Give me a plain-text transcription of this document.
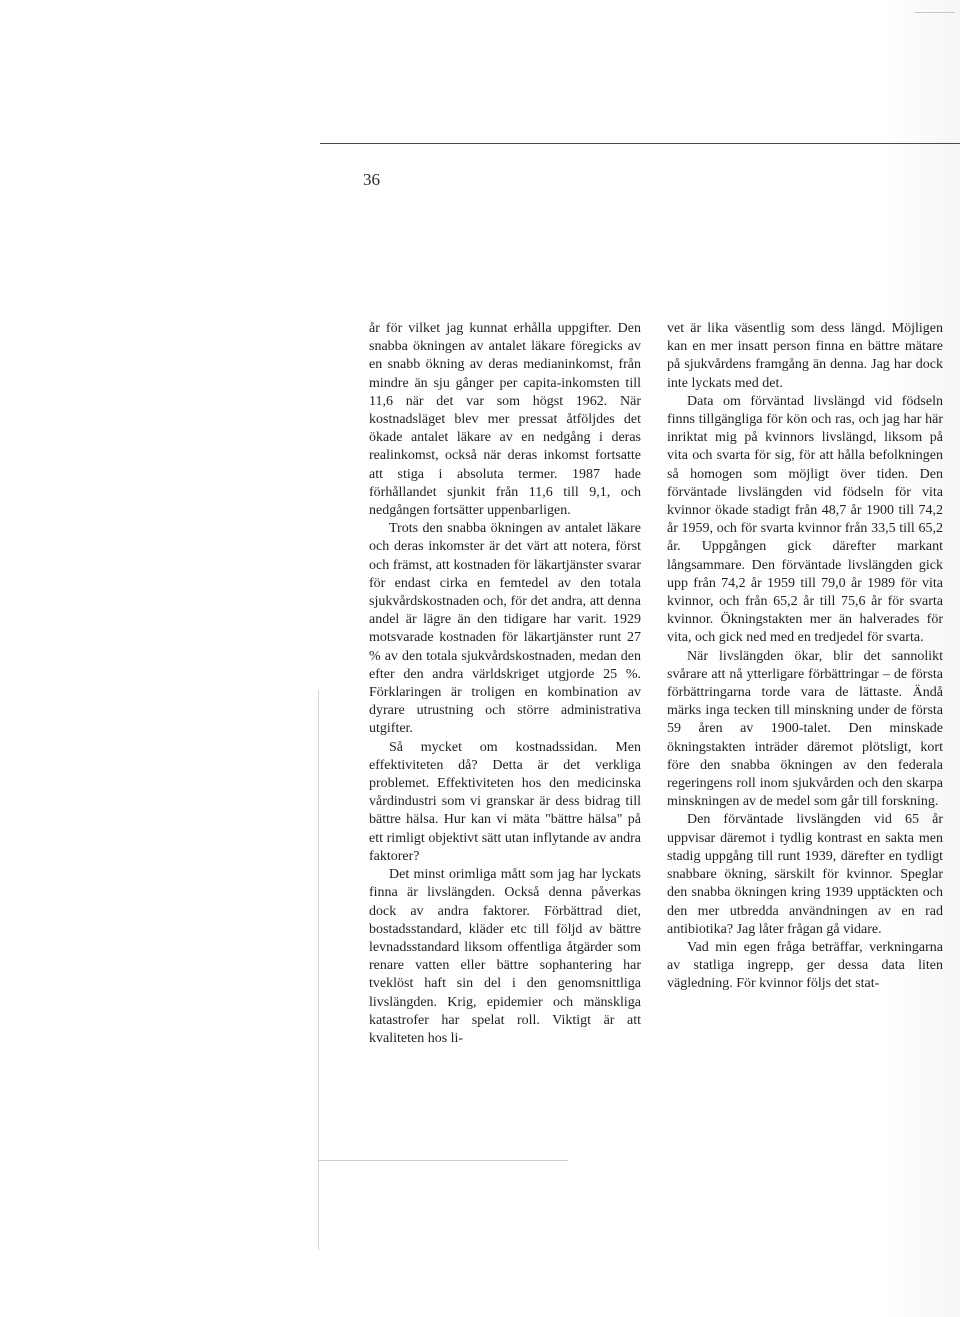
36

år för vilket jag kunnat erhålla uppgifter. Den snabba ökningen av antalet läkare föregicks av en snabb ökning av deras medianinkomst, från mindre än sju gånger per capita-inkomsten till 11,6 när det var som högst 1962. När kostnadsläget blev mer pressat åtföljdes det ökade antalet läkare av en nedgång i deras realinkomst, också när deras inkomst fortsatte att stiga i absoluta termer. 1987 hade förhållandet sjunkit från 11,6 till 9,1, och nedgången fortsätter uppenbarligen.

Trots den snabba ökningen av antalet läkare och deras inkomster är det värt att notera, först och främst, att kostnaden för läkartjänster svarar för endast cirka en femtedel av den totala sjukvårdskostnaden och, för det andra, att denna andel är lägre än den tidigare har varit. 1929 motsvarade kostnaden för läkartjänster runt 27 % av den totala sjukvårdskostnaden, medan den efter den andra världskriget utgjorde 25 %. Förklaringen är troligen en kombination av dyrare utrustning och större administrativa utgifter.

Så mycket om kostnadssidan. Men effektiviteten då? Detta är det verkliga problemet. Effektiviteten hos den medicinska vårdindustri som vi granskar är dess bidrag till bättre hälsa. Hur kan vi mäta "bättre hälsa" på ett rimligt objektivt sätt utan inflytande av andra faktorer?

Det minst orimliga mått som jag har lyckats finna är livslängden. Också denna påverkas dock av andra faktorer. Förbättrad diet, bostadsstandard, kläder etc till följd av bättre levnadsstandard liksom offentliga åtgärder som renare vatten eller bättre sophantering har tveklöst haft sin del i den genomsnittliga livslängden. Krig, epidemier och mänskliga katastrofer har spelat roll. Viktigt är att kvaliteten hos li-

vet är lika väsentlig som dess längd. Möjligen kan en mer insatt person finna en bättre mätare på sjukvårdens framgång än denna. Jag har dock inte lyckats med det.

Data om förväntad livslängd vid födseln finns tillgängliga för kön och ras, och jag har här inriktat mig på kvinnors livslängd, liksom på vita och svarta för sig, för att hålla befolkningen så homogen som möjligt över tiden. Den förväntade livslängden vid födseln för vita kvinnor ökade stadigt från 48,7 år 1900 till 74,2 år 1959, och för svarta kvinnor från 33,5 till 65,2 år. Uppgången gick därefter markant långsammare. Den förväntade livslängden gick upp från 74,2 år 1959 till 79,0 år 1989 för vita kvinnor, och från 65,2 år till 75,6 år för svarta kvinnor. Ökningstakten mer än halverades för vita, och gick ned med en tredjedel för svarta.

När livslängden ökar, blir det sannolikt svårare att nå ytterligare förbättringar – de första förbättringarna torde vara de lättaste. Ändå märks inga tecken till minskning under de första 59 åren av 1900-talet. Den minskade ökningstakten inträder däremot plötsligt, kort före den snabba ökningen av den federala regeringens roll inom sjukvården och den skarpa minskningen av de medel som går till forskning.

Den förväntade livslängden vid 65 år uppvisar däremot i tydlig kontrast en sakta men stadig uppgång till runt 1939, därefter en tydligt snabbare ökning, särskilt för kvinnor. Speglar den snabba ökningen kring 1939 upptäckten och den mer utbredda användningen av en rad antibiotika? Jag låter frågan gå vidare.

Vad min egen fråga beträffar, verkningarna av statliga ingrepp, ger dessa data liten vägledning. För kvinnor följs det stat-
